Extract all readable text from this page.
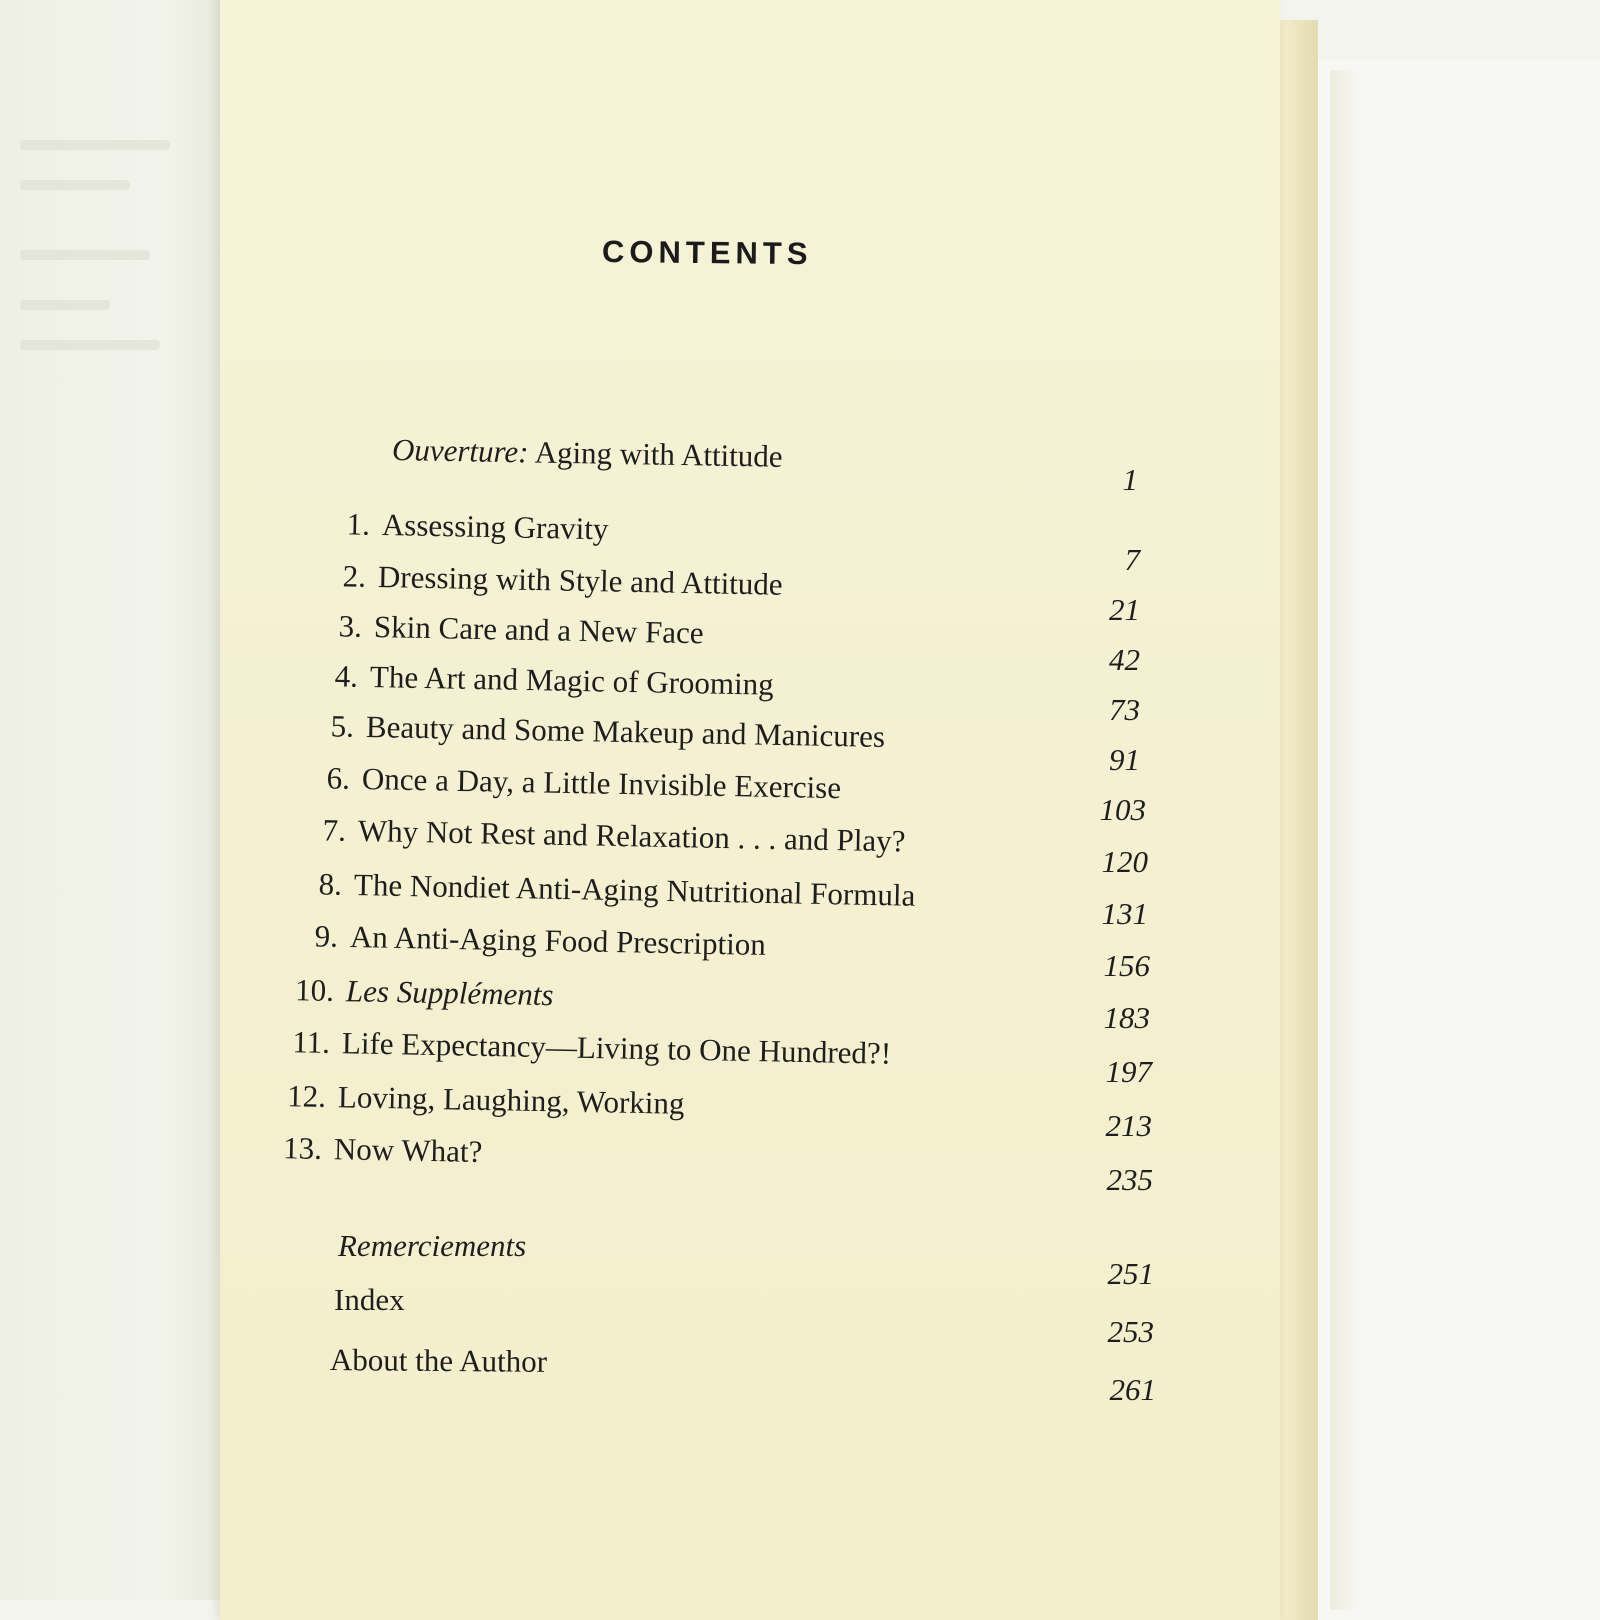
CONTENTS
Ouverture: Aging with Attitude
1. Assessing Gravity
2. Dressing with Style and Attitude
3. Skin Care and a New Face
4. The Art and Magic of Grooming
5. Beauty and Some Makeup and Manicures
6. Once a Day, a Little Invisible Exercise
7. Why Not Rest and Relaxation . . . and Play?
8. The Nondiet Anti-Aging Nutritional Formula
9. An Anti-Aging Food Prescription
10. Les Suppléments
11. Life Expectancy—Living to One Hundred?!
12. Loving, Laughing, Working
13. Now What?
Remerciements
Index
About the Author
1
7
21
42
73
91
103
120
131
156
183
197
213
235
251
253
261
